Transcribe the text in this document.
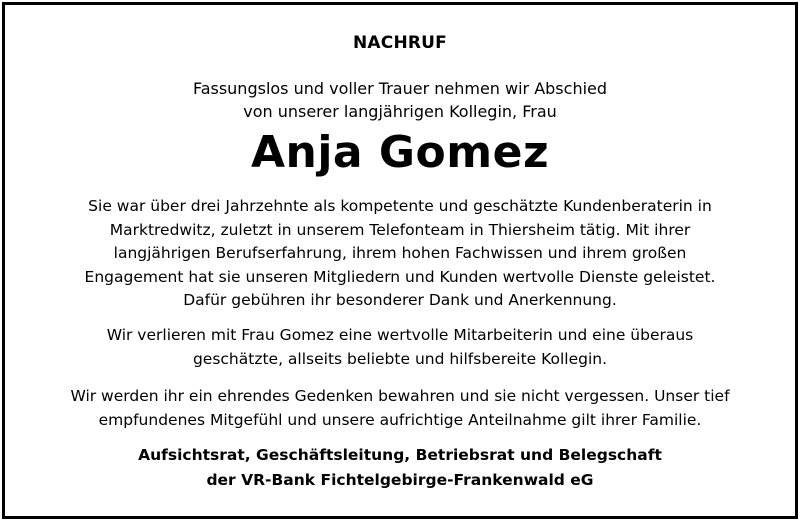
NACHRUF
Fassungslos und voller Trauer nehmen wir Abschied
von unserer langjährigen Kollegin, Frau
Anja Gomez
Sie war über drei Jahrzehnte als kompetente und geschätzte Kundenberaterin in
Marktredwitz, zuletzt in unserem Telefonteam in Thiersheim tätig. Mit ihrer
langjährigen Berufserfahrung, ihrem hohen Fachwissen und ihrem großen
Engagement hat sie unseren Mitgliedern und Kunden wertvolle Dienste geleistet.
Dafür gebühren ihr besonderer Dank und Anerkennung.
Wir verlieren mit Frau Gomez eine wertvolle Mitarbeiterin und eine überaus
geschätzte, allseits beliebte und hilfsbereite Kollegin.
Wir werden ihr ein ehrendes Gedenken bewahren und sie nicht vergessen. Unser tief
empfundenes Mitgefühl und unsere aufrichtige Anteilnahme gilt ihrer Familie.
Aufsichtsrat, Geschäftsleitung, Betriebsrat und Belegschaft
der VR-Bank Fichtelgebirge-Frankenwald eG
